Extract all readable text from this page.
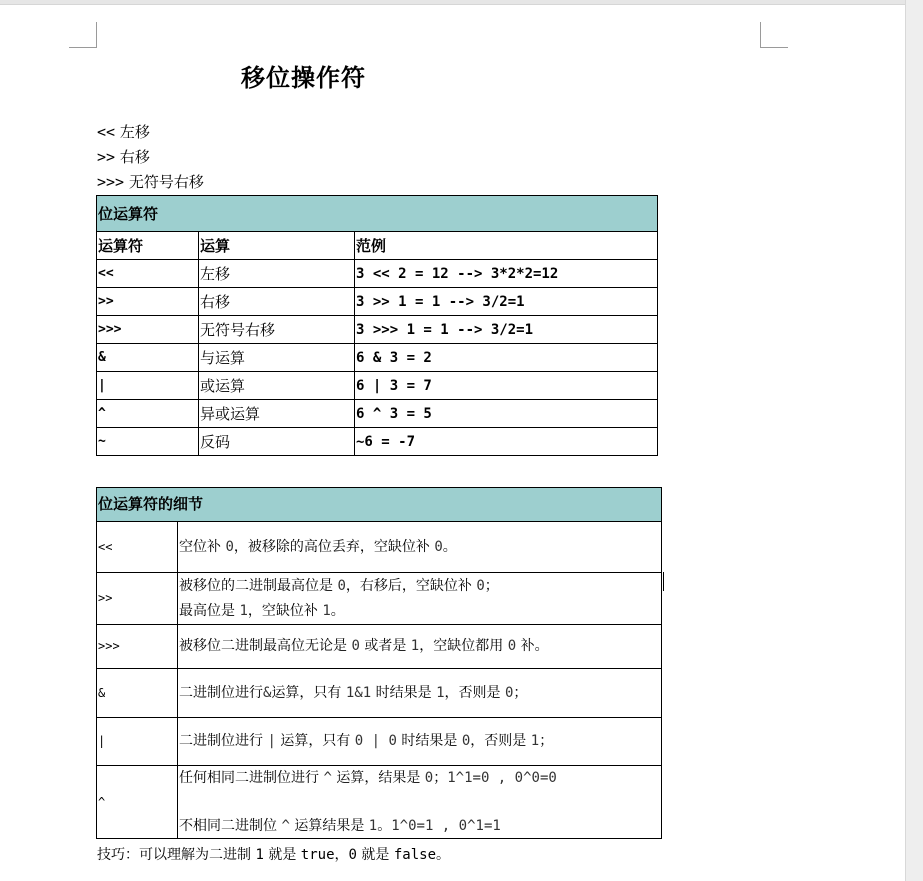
移位操作符
<< 左移
>> 右移
>>> 无符号右移
位运算符		
运算符	运算	范例
<<	左移	3 << 2 = 12 --> 3*2*2=12
>>	右移	3 >> 1 = 1 --> 3/2=1
>>>	无符号右移	3 >>> 1 = 1 --> 3/2=1
&	与运算	6 & 3 = 2
|	或运算	6 | 3 = 7
^	异或运算	6 ^ 3 = 5
~	反码	~6 = -7
位运算符的细节	
<<	空位补 0，被移除的高位丢弃，空缺位补 0。
>>	被移位的二进制最高位是 0，右移后，空缺位补 0；
最高位是 1，空缺位补 1。
>>>	被移位二进制最高位无论是 0 或者是 1，空缺位都用 0 补。
&	二进制位进行&运算，只有 1&1 时结果是 1，否则是 0；
|	二进制位进行 | 运算，只有 0 | 0 时结果是 0，否则是 1；
^	任何相同二进制位进行 ^ 运算，结果是 0；1^1=0 , 0^0=0

不相同二进制位 ^ 运算结果是 1。1^0=1 , 0^1=1
技巧：可以理解为二进制 1 就是 true，0 就是 false。
